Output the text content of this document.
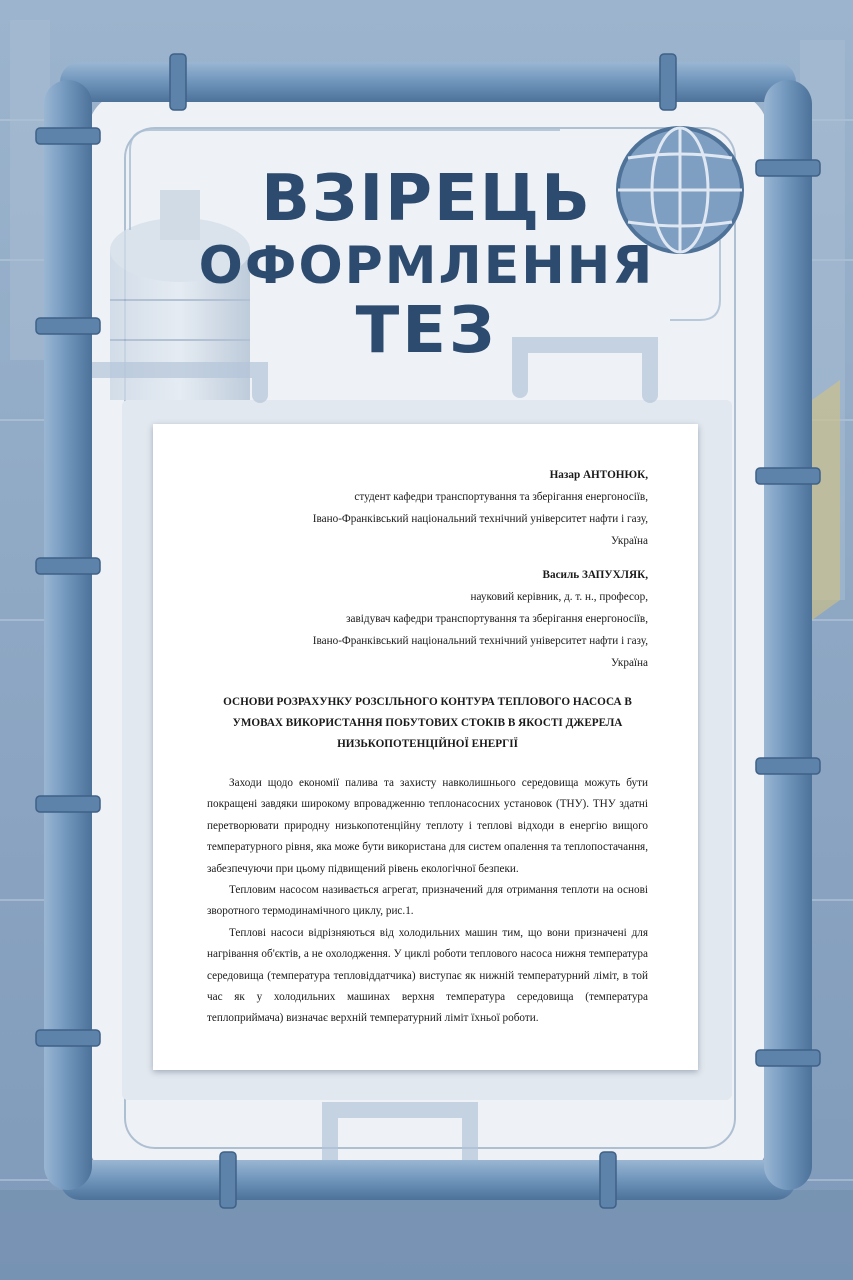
ВЗІРЕЦЬ
ОФОРМЛЕННЯ
ТЕЗ
Назар АНТОНЮК,
студент кафедри транспортування та зберігання енергоносіїв,
Івано-Франківський національний технічний університет нафти і газу,
Україна
Василь ЗАПУХЛЯК,
науковий керівник, д. т. н., професор,
завідувач кафедри транспортування та зберігання енергоносіїв,
Івано-Франківський національний технічний університет нафти і газу,
Україна
ОСНОВИ РОЗРАХУНКУ РОЗСІЛЬНОГО КОНТУРА ТЕПЛОВОГО НАСОСА В УМОВАХ ВИКОРИСТАННЯ ПОБУТОВИХ СТОКІВ В ЯКОСТІ ДЖЕРЕЛА НИЗЬКОПОТЕНЦІЙНОЇ ЕНЕРГІЇ

Заходи щодо економії палива та захисту навколишнього середовища можуть бути покращені завдяки широкому впровадженню теплонасосних установок (ТНУ). ТНУ здатні перетворювати природну низькопотенційну теплоту і теплові відходи в енергію вищого температурного рівня, яка може бути використана для систем опалення та теплопостачання, забезпечуючи при цьому підвищений рівень екологічної безпеки.

Тепловим насосом називається агрегат, призначений для отримання теплоти на основі зворотного термодинамічного циклу, рис.1.

Теплові насоси відрізняються від холодильних машин тим, що вони призначені для нагрівання об'єктів, а не охолодження. У циклі роботи теплового насоса нижня температура середовища (температура тепловіддатчика) виступає як нижній температурний ліміт, в той час як у холодильних машинах верхня температура середовища (температура теплоприймача) визначає верхній температурний ліміт їхньої роботи.
